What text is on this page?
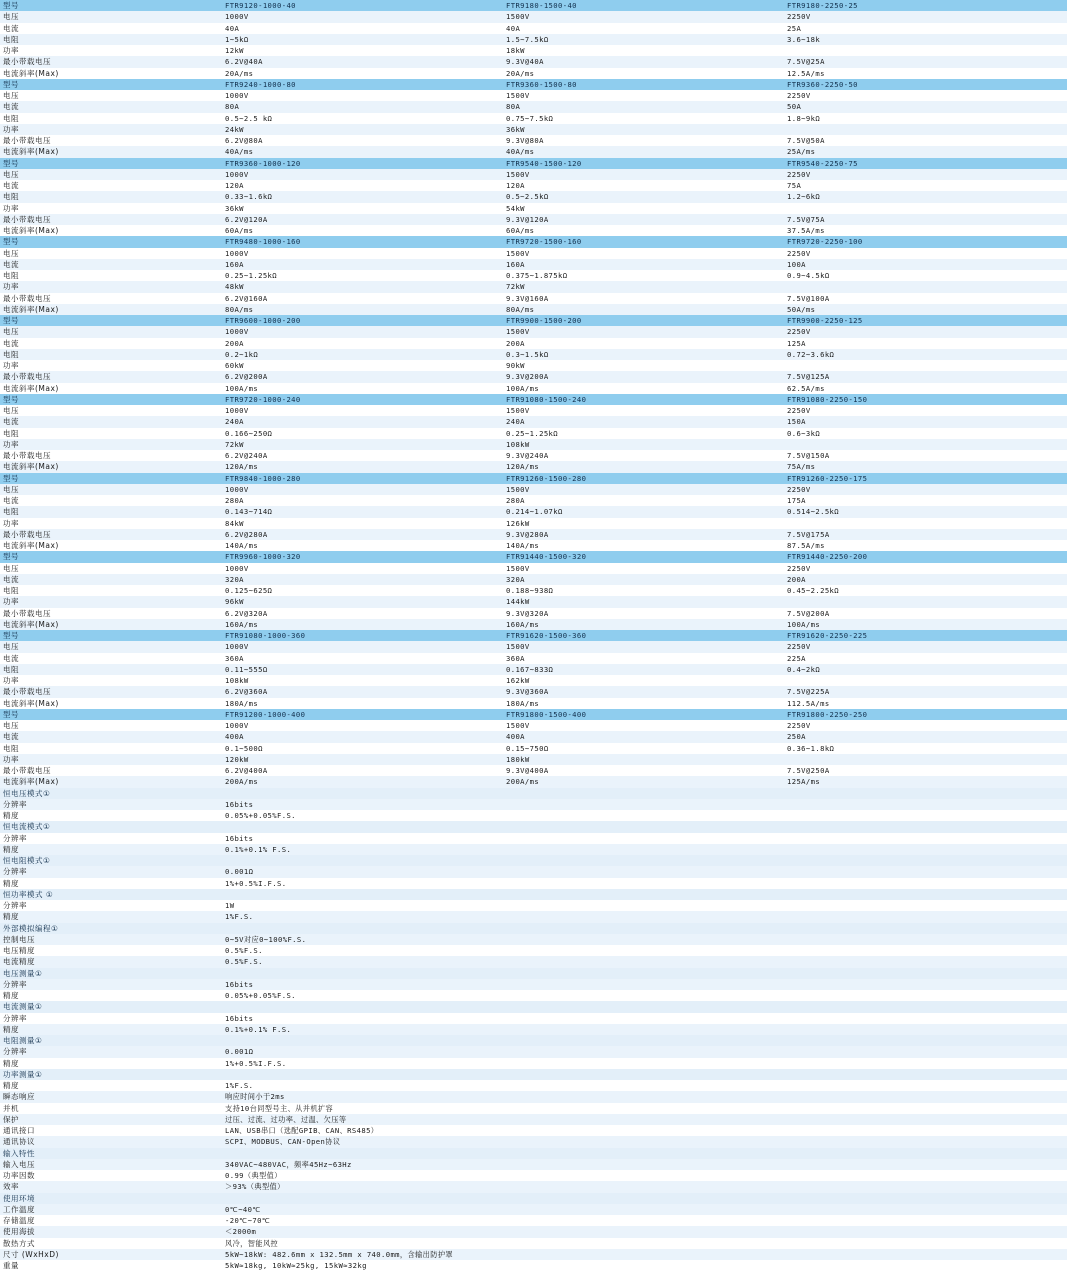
型号	FTR9120-1000-40	FTR9180-1500-40	FTR9180-2250-25
电压	1000V	1500V	2250V
电流	40A	40A	25A
电阻	1~5kΩ	1.5~7.5kΩ	3.6~18k
功率	12kW	18kW	
最小带载电压	6.2V@40A	9.3V@40A	7.5V@25A
电流斜率(Max)	20A/ms	20A/ms	12.5A/ms
型号	FTR9240-1000-80	FTR9360-1500-80	FTR9360-2250-50
电压	1000V	1500V	2250V
电流	80A	80A	50A
电阻	0.5~2.5 kΩ	0.75~7.5kΩ	1.8~9kΩ
功率	24kW	36kW	
最小带载电压	6.2V@80A	9.3V@80A	7.5V@50A
电流斜率(Max)	40A/ms	40A/ms	25A/ms
型号	FTR9360-1000-120	FTR9540-1500-120	FTR9540-2250-75
电压	1000V	1500V	2250V
电流	120A	120A	75A
电阻	0.33~1.6kΩ	0.5~2.5kΩ	1.2~6kΩ
功率	36kW	54kW	
最小带载电压	6.2V@120A	9.3V@120A	7.5V@75A
电流斜率(Max)	60A/ms	60A/ms	37.5A/ms
型号	FTR9480-1000-160	FTR9720-1500-160	FTR9720-2250-100
电压	1000V	1500V	2250V
电流	160A	160A	100A
电阻	0.25~1.25kΩ	0.375~1.875kΩ	0.9~4.5kΩ
功率	48kW	72kW	
最小带载电压	6.2V@160A	9.3V@160A	7.5V@100A
电流斜率(Max)	80A/ms	80A/ms	50A/ms
型号	FTR9600-1000-200	FTR9900-1500-200	FTR9900-2250-125
电压	1000V	1500V	2250V
电流	200A	200A	125A
电阻	0.2~1kΩ	0.3~1.5kΩ	0.72~3.6kΩ
功率	60kW	90kW	
最小带载电压	6.2V@200A	9.3V@200A	7.5V@125A
电流斜率(Max)	100A/ms	100A/ms	62.5A/ms
型号	FTR9720-1000-240	FTR91080-1500-240	FTR91080-2250-150
电压	1000V	1500V	2250V
电流	240A	240A	150A
电阻	0.166~250Ω	0.25~1.25kΩ	0.6~3kΩ
功率	72kW	108kW	
最小带载电压	6.2V@240A	9.3V@240A	7.5V@150A
电流斜率(Max)	120A/ms	120A/ms	75A/ms
型号	FTR9840-1000-280	FTR91260-1500-280	FTR91260-2250-175
电压	1000V	1500V	2250V
电流	280A	280A	175A
电阻	0.143~714Ω	0.214~1.07kΩ	0.514~2.5kΩ
功率	84kW	126kW	
最小带载电压	6.2V@280A	9.3V@280A	7.5V@175A
电流斜率(Max)	140A/ms	140A/ms	87.5A/ms
型号	FTR9960-1000-320	FTR91440-1500-320	FTR91440-2250-200
电压	1000V	1500V	2250V
电流	320A	320A	200A
电阻	0.125~625Ω	0.188~938Ω	0.45~2.25kΩ
功率	96kW	144kW	
最小带载电压	6.2V@320A	9.3V@320A	7.5V@200A
电流斜率(Max)	160A/ms	160A/ms	100A/ms
型号	FTR91080-1000-360	FTR91620-1500-360	FTR91620-2250-225
电压	1000V	1500V	2250V
电流	360A	360A	225A
电阻	0.11~555Ω	0.167~833Ω	0.4~2kΩ
功率	108kW	162kW	
最小带载电压	6.2V@360A	9.3V@360A	7.5V@225A
电流斜率(Max)	180A/ms	180A/ms	112.5A/ms
型号	FTR91200-1000-400	FTR91800-1500-400	FTR91800-2250-250
电压	1000V	1500V	2250V
电流	400A	400A	250A
电阻	0.1~500Ω	0.15~750Ω	0.36~1.8kΩ
功率	120kW	180kW	
最小带载电压	6.2V@400A	9.3V@400A	7.5V@250A
电流斜率(Max)	200A/ms	200A/ms	125A/ms
恒电压模式①			
分辨率	16bits		
精度	0.05%+0.05%F.S.		
恒电流模式①			
分辨率	16bits		
精度	0.1%+0.1% F.S.		
恒电阻模式①			
分辨率	0.001Ω		
精度	1%+0.5%I.F.S.		
恒功率模式 ①			
分辨率	1W		
精度	1%F.S.		
外部模拟编程①			
控制电压	0~5V对应0~100%F.S.		
电压精度	0.5%F.S.		
电流精度	0.5%F.S.		
电压测量①			
分辨率	16bits		
精度	0.05%+0.05%F.S.		
电流测量①			
分辨率	16bits		
精度	0.1%+0.1% F.S.		
电阻测量①			
分辨率	0.001Ω		
精度	1%+0.5%I.F.S.		
功率测量①			
精度	1%F.S.		
瞬态响应	响应时间小于2ms		
并机	支持10台同型号主、从并机扩容		
保护	过压、过流、过功率、过温、欠压等		
通讯接口	LAN、USB串口（选配GPIB、CAN、RS485）		
通讯协议	SCPI、MODBUS、CAN-Open协议		
输入特性			
输入电压	340VAC~480VAC，频率45Hz~63Hz		
功率因数	0.99（典型值）		
效率	＞93%（典型值）		
使用环境			
工作温度	0℃~40℃		
存储温度	-20℃~70℃		
使用海拔	＜2000m		
散热方式	风冷，智能风控		
尺寸 (WxHxD)	5kW~18kW: 482.6mm x 132.5mm x 740.0mm，含输出防护罩		
重量	5kW≈18kg, 10kW≈25kg, 15kW≈32kg		
